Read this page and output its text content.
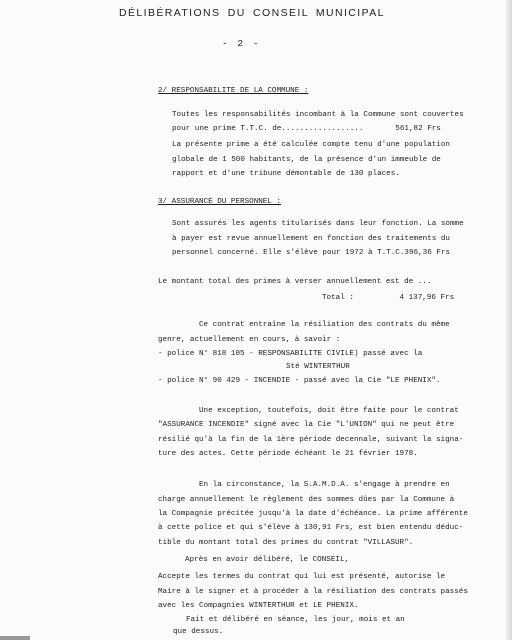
DÉLIBÉRATIONS DU CONSEIL MUNICIPAL
- 2 -
2/ RESPONSABILITE DE LA COMMUNE :
Toutes les responsabilités incombant à la Commune sont couvertes
pour une prime T.T.C. de..................       561,82 Frs
La présente prime a été calculée compte tenu d'une population
globale de 1 500 habitants, de la présence d'un immeuble de
rapport et d'une tribune démontable de 130 places.
3/ ASSURANCE DU PERSONNEL :
Sont assurés les agents titularisés dans leur fonction. La somme
à payer est revue annuellement en fonction des traitements du
personnel concerné. Elle s'élève pour 1972 à T.T.C.396,36 Frs
Le montant total des primes à verser annuellement est de ...
Total :          4 137,96 Frs
Ce contrat entraîne la résiliation des contrats du même
genre, actuellement en cours, à savoir :
- police N° 818 105 - RESPONSABILITE CIVILE) passé avec la
Sté WINTERTHUR
- police N° 90 429 - INCENDIE - passé avec la Cie "LE PHENIX".
Une exception, toutefois, doit être faite pour le contrat
"ASSURANCE INCENDIE" signé avec la Cie "L'UNION" qui ne peut être
résilié qu'à la fin de la 1ère période decennale, suivant la signa-
ture des actes. Cette période échéant le 21 février 1978.
En la circonstance, la S.A.M.D.A. s'engage à prendre en
charge annuellement le règlement des sommes dûes par la Commune à
la Compagnie précitée jusqu'à la date d'échéance. La prime afférente
à cette police et qui s'élève à 130,91 Frs, est bien entendu déduc-
tible du montant total des primes du contrat "VILLASUR".
Après en avoir délibéré, le CONSEIL,
Accepte les termes du contrat qui lui est présenté, autorise le
Maire à le signer et à procéder à la résiliation des contrats passés
avec les Compagnies WINTERTHUR et LE PHENIX.
Fait et délibéré en séance, les jour, mois et an
que dessus.
